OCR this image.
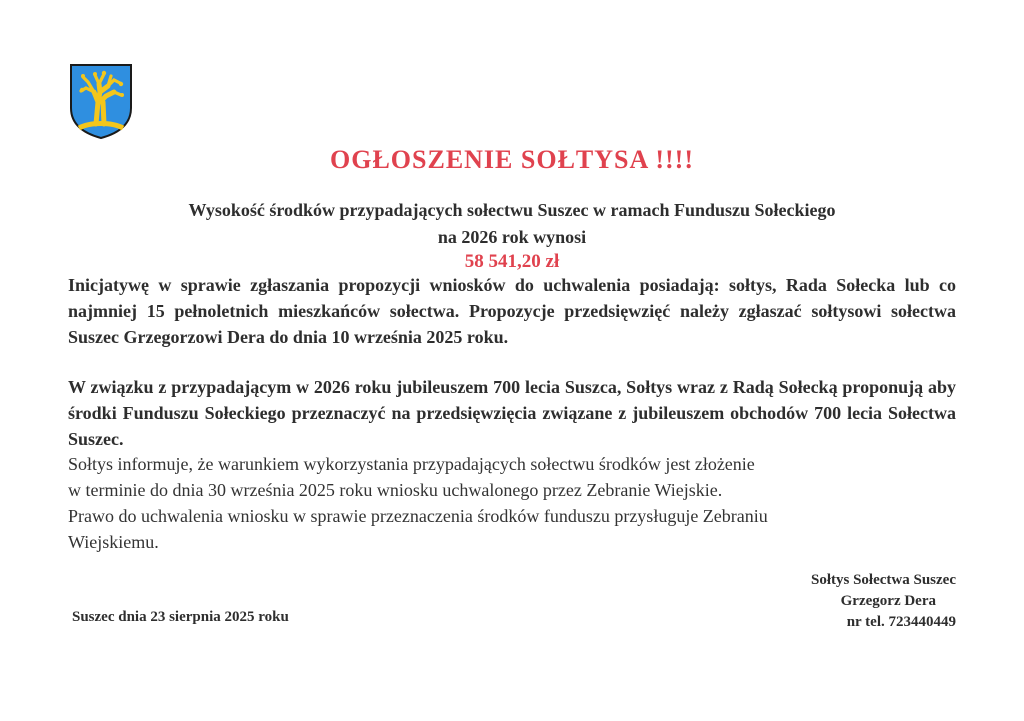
OGŁOSZENIE SOŁTYSA !!!!
Wysokość środków przypadających sołectwu Suszec w ramach Funduszu Sołeckiego
na 2026 rok wynosi
58 541,20 zł

Inicjatywę w sprawie zgłaszania propozycji wniosków do uchwalenia posiadają: sołtys, Rada Sołecka lub co najmniej 15 pełnoletnich mieszkańców sołectwa. Propozycje przedsięwzięć należy zgłaszać sołtysowi sołectwa Suszec Grzegorzowi Dera do dnia 10 września 2025 roku.

W związku z przypadającym w 2026 roku jubileuszem 700 lecia Suszca, Sołtys wraz z Radą Sołecką proponują aby środki Funduszu Sołeckiego przeznaczyć na przedsięwzięcia związane z jubileuszem obchodów 700 lecia Sołectwa Suszec.

Sołtys informuje, że warunkiem wykorzystania przypadających sołectwu środków jest złożenie
w terminie do dnia 30 września 2025 roku wniosku uchwalonego przez Zebranie Wiejskie.
Prawo do uchwalenia wniosku w sprawie przeznaczenia środków funduszu przysługuje Zebraniu
Wiejskiemu.

Suszec dnia 23 sierpnia 2025 roku
Sołtys Sołectwa Suszec
Grzegorz Dera
nr tel. 723440449
